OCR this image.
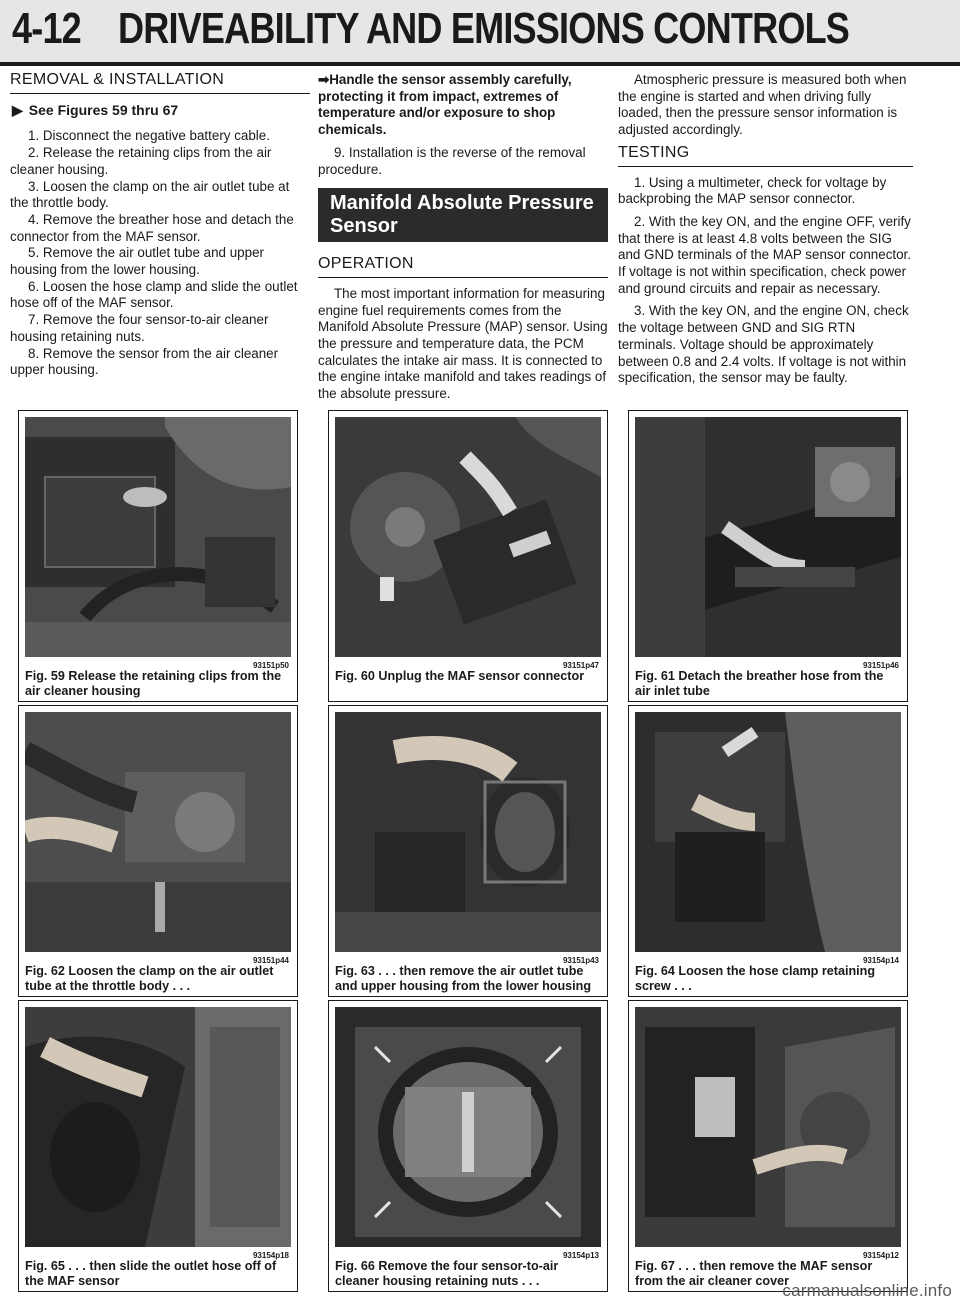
4-12 DRIVEABILITY AND EMISSIONS CONTROLS
REMOVAL & INSTALLATION
▶ See Figures 59 thru 67

1. Disconnect the negative battery cable.

2. Release the retaining clips from the air cleaner housing.

3. Loosen the clamp on the air outlet tube at the throttle body.

4. Remove the breather hose and detach the connector from the MAF sensor.

5. Remove the air outlet tube and upper housing from the lower housing.

6. Loosen the hose clamp and slide the outlet hose off of the MAF sensor.

7. Remove the four sensor-to-air cleaner housing retaining nuts.

8. Remove the sensor from the air cleaner upper housing.

➡Handle the sensor assembly carefully, protecting it from impact, extremes of temperature and/or exposure to shop chemicals.

9. Installation is the reverse of the removal procedure.

Manifold Absolute Pressure Sensor
OPERATION

The most important information for measuring engine fuel requirements comes from the Manifold Absolute Pressure (MAP) sensor. Using the pressure and temperature data, the PCM calculates the intake air mass. It is connected to the engine intake manifold and takes readings of the absolute pressure.

Atmospheric pressure is measured both when the engine is started and when driving fully loaded, then the pressure sensor information is adjusted accordingly.

TESTING

1. Using a multimeter, check for voltage by backprobing the MAP sensor connector.

2. With the key ON, and the engine OFF, verify that there is at least 4.8 volts between the SIG and GND terminals of the MAP sensor connector. If voltage is not within specification, check power and ground circuits and repair as necessary.

3. With the key ON, and the engine ON, check the voltage between GND and SIG RTN terminals. Voltage should be approximately between 0.8 and 2.4 volts. If voltage is not within specification, the sensor may be faulty.

93151p50
Fig. 59 Release the retaining clips from the air cleaner housing
93151p47
Fig. 60 Unplug the MAF sensor connector
93151p46
Fig. 61 Detach the breather hose from the air inlet tube
93151p44
Fig. 62 Loosen the clamp on the air outlet tube at the throttle body . . .
93151p43
Fig. 63 . . . then remove the air outlet tube and upper housing from the lower housing
93154p14
Fig. 64 Loosen the hose clamp retaining screw . . .
93154p18
Fig. 65 . . . then slide the outlet hose off of the MAF sensor
93154p13
Fig. 66 Remove the four sensor-to-air cleaner housing retaining nuts . . .
93154p12
Fig. 67 . . . then remove the MAF sensor from the air cleaner cover
carmanualsonline.info
